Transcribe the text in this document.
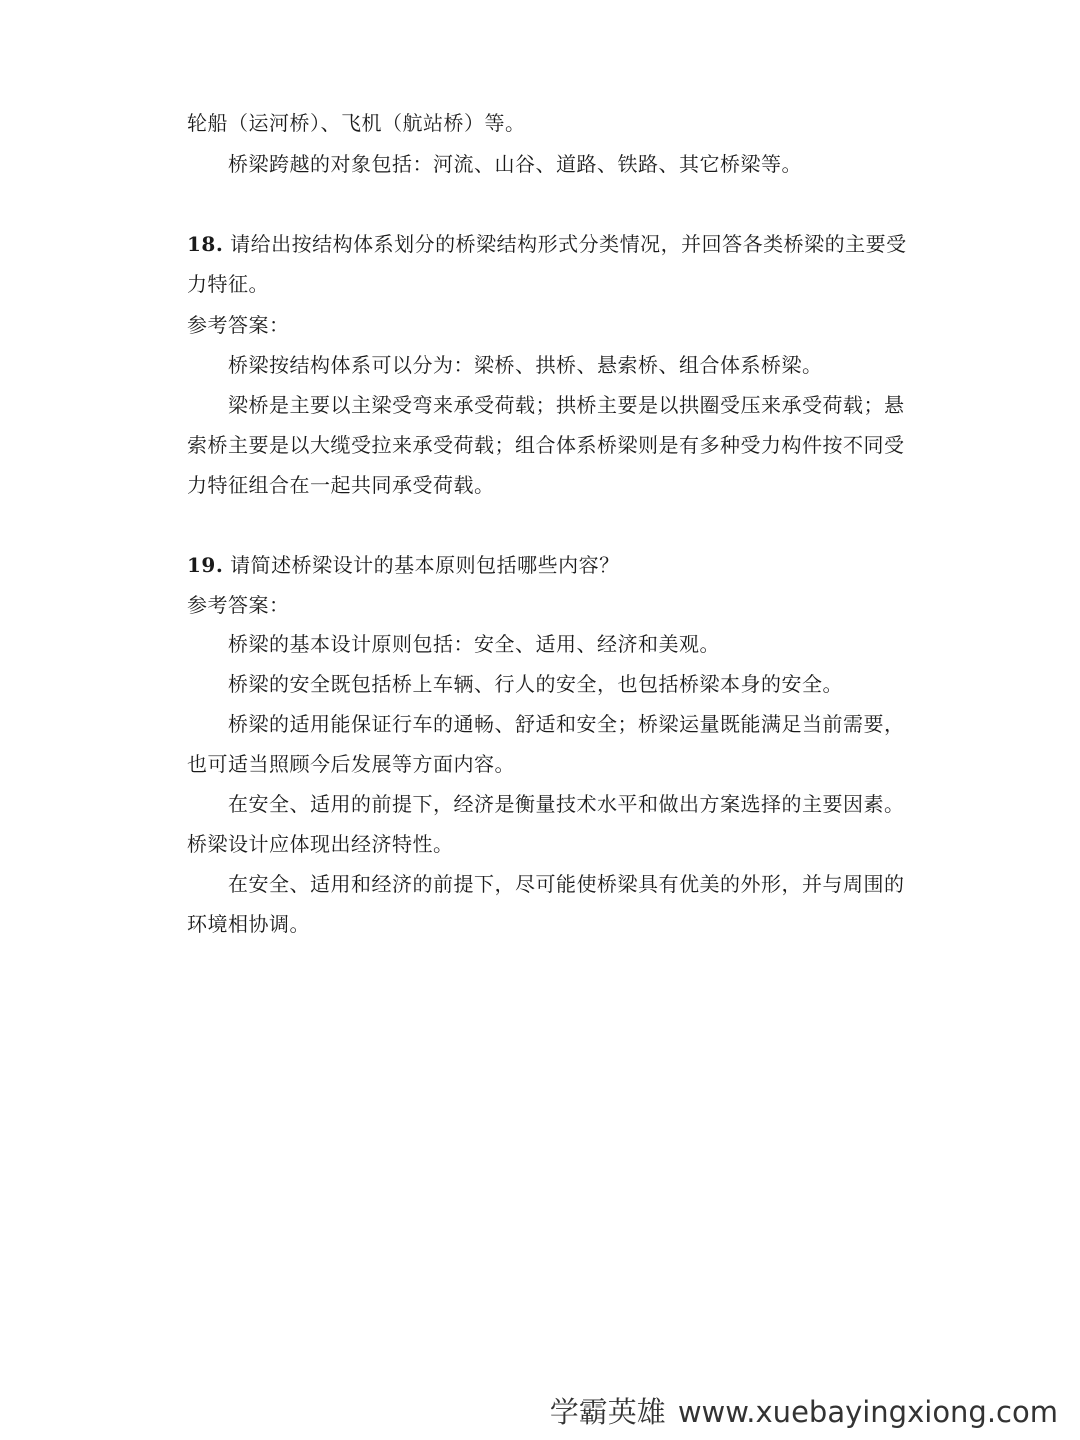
轮船（运河桥）、飞机（航站桥）等。
桥梁跨越的对象包括：河流、山谷、道路、铁路、其它桥梁等。
18. 请给出按结构体系划分的桥梁结构形式分类情况，并回答各类桥梁的主要受
力特征。
参考答案：
桥梁按结构体系可以分为：梁桥、拱桥、悬索桥、组合体系桥梁。
梁桥是主要以主梁受弯来承受荷载；拱桥主要是以拱圈受压来承受荷载；悬
索桥主要是以大缆受拉来承受荷载；组合体系桥梁则是有多种受力构件按不同受
力特征组合在一起共同承受荷载。
19. 请简述桥梁设计的基本原则包括哪些内容？
参考答案：
桥梁的基本设计原则包括：安全、适用、经济和美观。
桥梁的安全既包括桥上车辆、行人的安全，也包括桥梁本身的安全。
桥梁的适用能保证行车的通畅、舒适和安全；桥梁运量既能满足当前需要，
也可适当照顾今后发展等方面内容。
在安全、适用的前提下，经济是衡量技术水平和做出方案选择的主要因素。
桥梁设计应体现出经济特性。
在安全、适用和经济的前提下，尽可能使桥梁具有优美的外形，并与周围的
环境相协调。
学霸英雄 www.xuebayingxiong.com
